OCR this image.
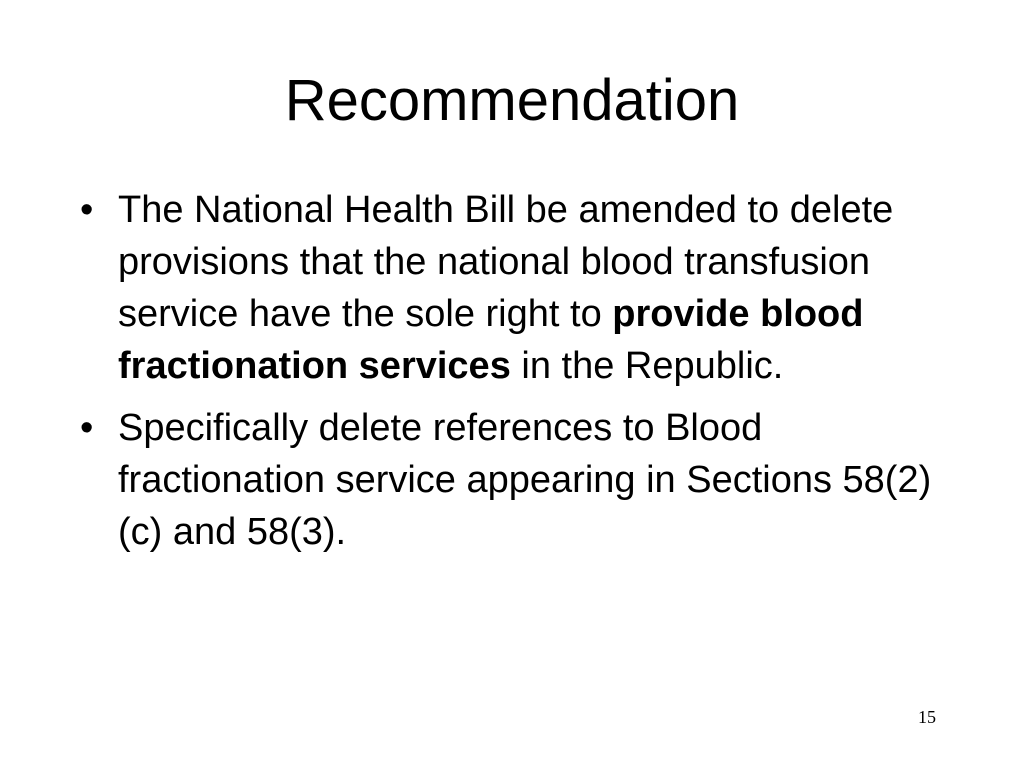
Recommendation
• The National Health Bill be amended to delete provisions that the national blood transfusion service have the sole right to provide blood fractionation services in the Republic.
• Specifically delete references to Blood fractionation service appearing in Sections 58(2)(c) and 58(3).
15
